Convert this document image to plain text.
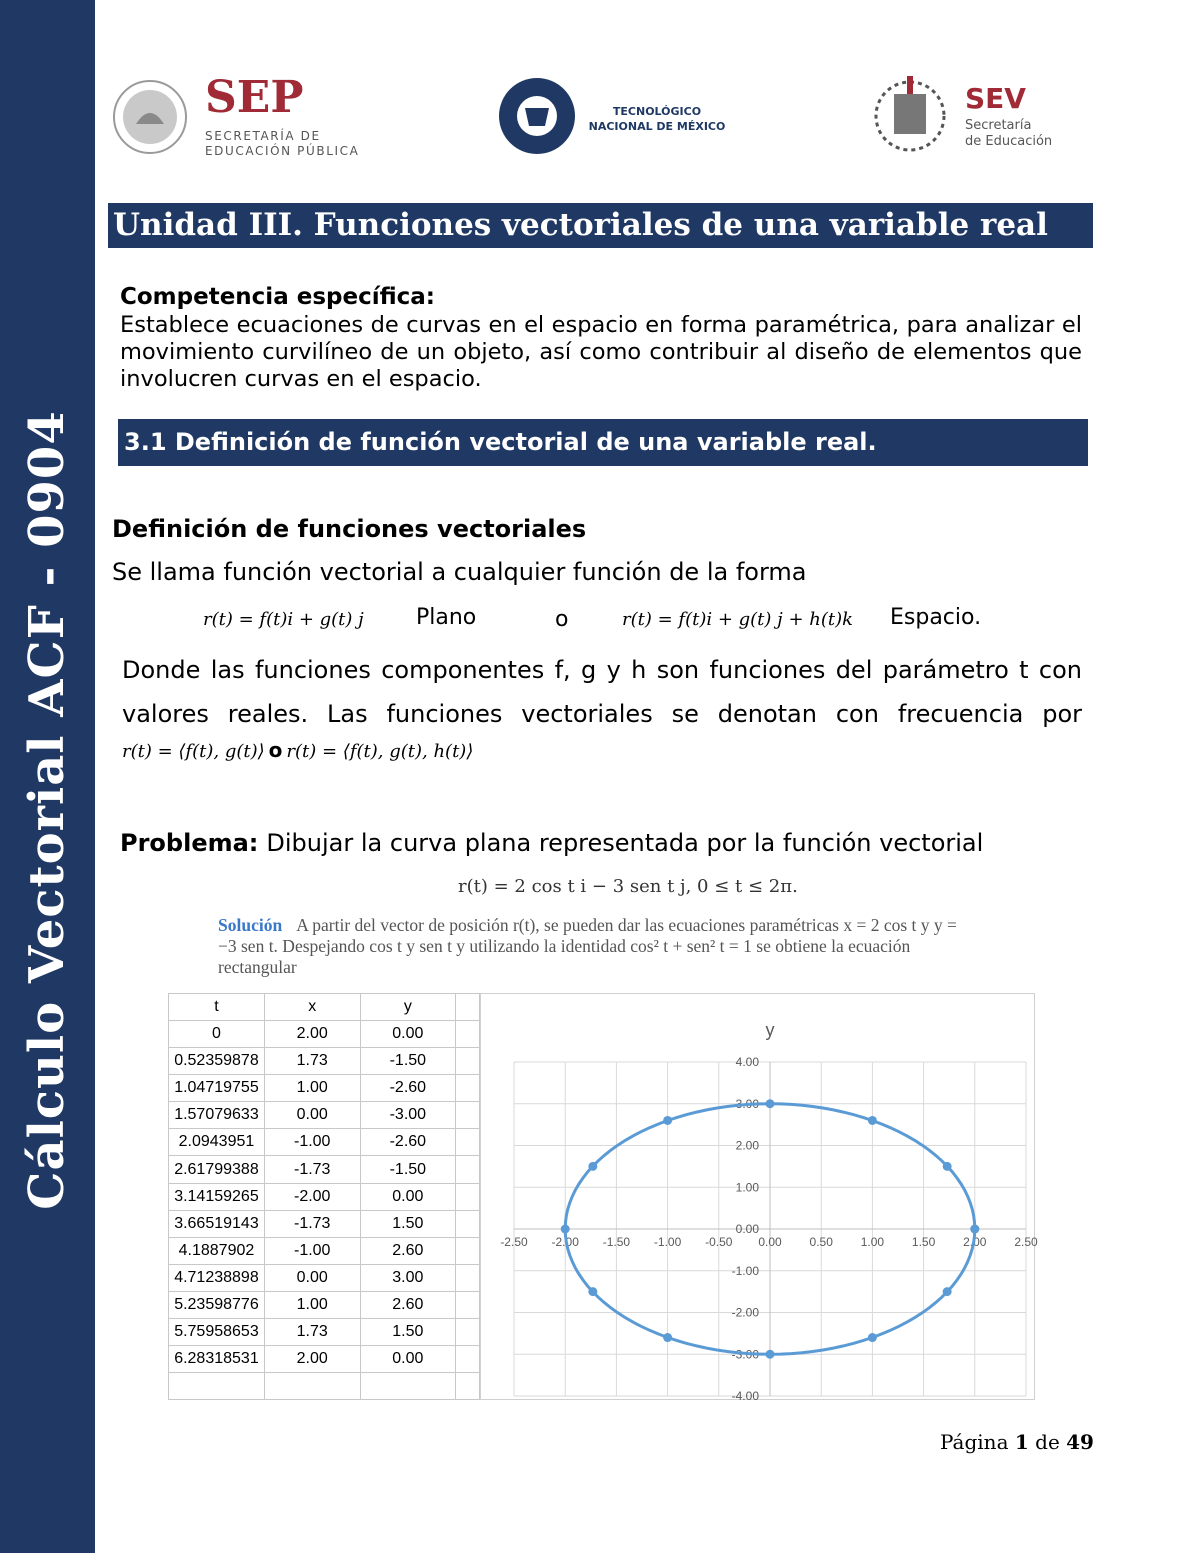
Cálculo Vectorial ACF - 0904
SEP
SECRETARÍA DE
EDUCACIÓN PÚBLICA
TECNOLÓGICO
NACIONAL DE MÉXICO
SEV
Secretaría
de Educación
Unidad III. Funciones vectoriales de una variable real
Competencia específica:
Establece ecuaciones de curvas en el espacio en forma paramétrica, para analizar el movimiento curvilíneo de un objeto, así como contribuir al diseño de elementos que involucren curvas en el espacio.
3.1 Definición de función vectorial de una variable real.
Definición de funciones vectoriales
Se llama función vectorial a cualquier función de la forma
r(t) = f(t)i + g(t) j Plano	o	r(t) = f(t)i + g(t) j + h(t)k Espacio.
Donde las funciones componentes f, g y h son funciones del parámetro t con
valores reales. Las funciones vectoriales se denotan con frecuencia por
r(t) = ⟨f(t), g(t)⟩ o r(t) = ⟨f(t), g(t), h(t)⟩
Problema: Dibujar la curva plana representada por la función vectorial
r(t) = 2 cos t i − 3 sen t j, 0 ≤ t ≤ 2π.
Solución A partir del vector de posición r(t), se pueden dar las ecuaciones paramétricas x = 2 cos t y y = −3 sen t. Despejando cos t y sen t y utilizando la identidad cos² t + sen² t = 1 se obtiene la ecuación rectangular
t	x	y	
0	2.00	0.00	
0.52359878	1.73	-1.50	
1.04719755	1.00	-2.60	
1.57079633	0.00	-3.00	
2.0943951	-1.00	-2.60	
2.61799388	-1.73	-1.50	
3.14159265	-2.00	0.00	
3.66519143	-1.73	1.50	
4.1887902	-1.00	2.60	
4.71238898	0.00	3.00	
5.23598776	1.00	2.60	
5.75958653	1.73	1.50	
6.28318531	2.00	0.00	

y
-2.50 -2.00 -1.50 -1.00 -0.50 0.00 0.50 1.00 1.50 2.00 2.50
4.00
3.00
2.00
1.00
0.00
-1.00
-2.00
-3.00
-4.00
Página 1 de 49
